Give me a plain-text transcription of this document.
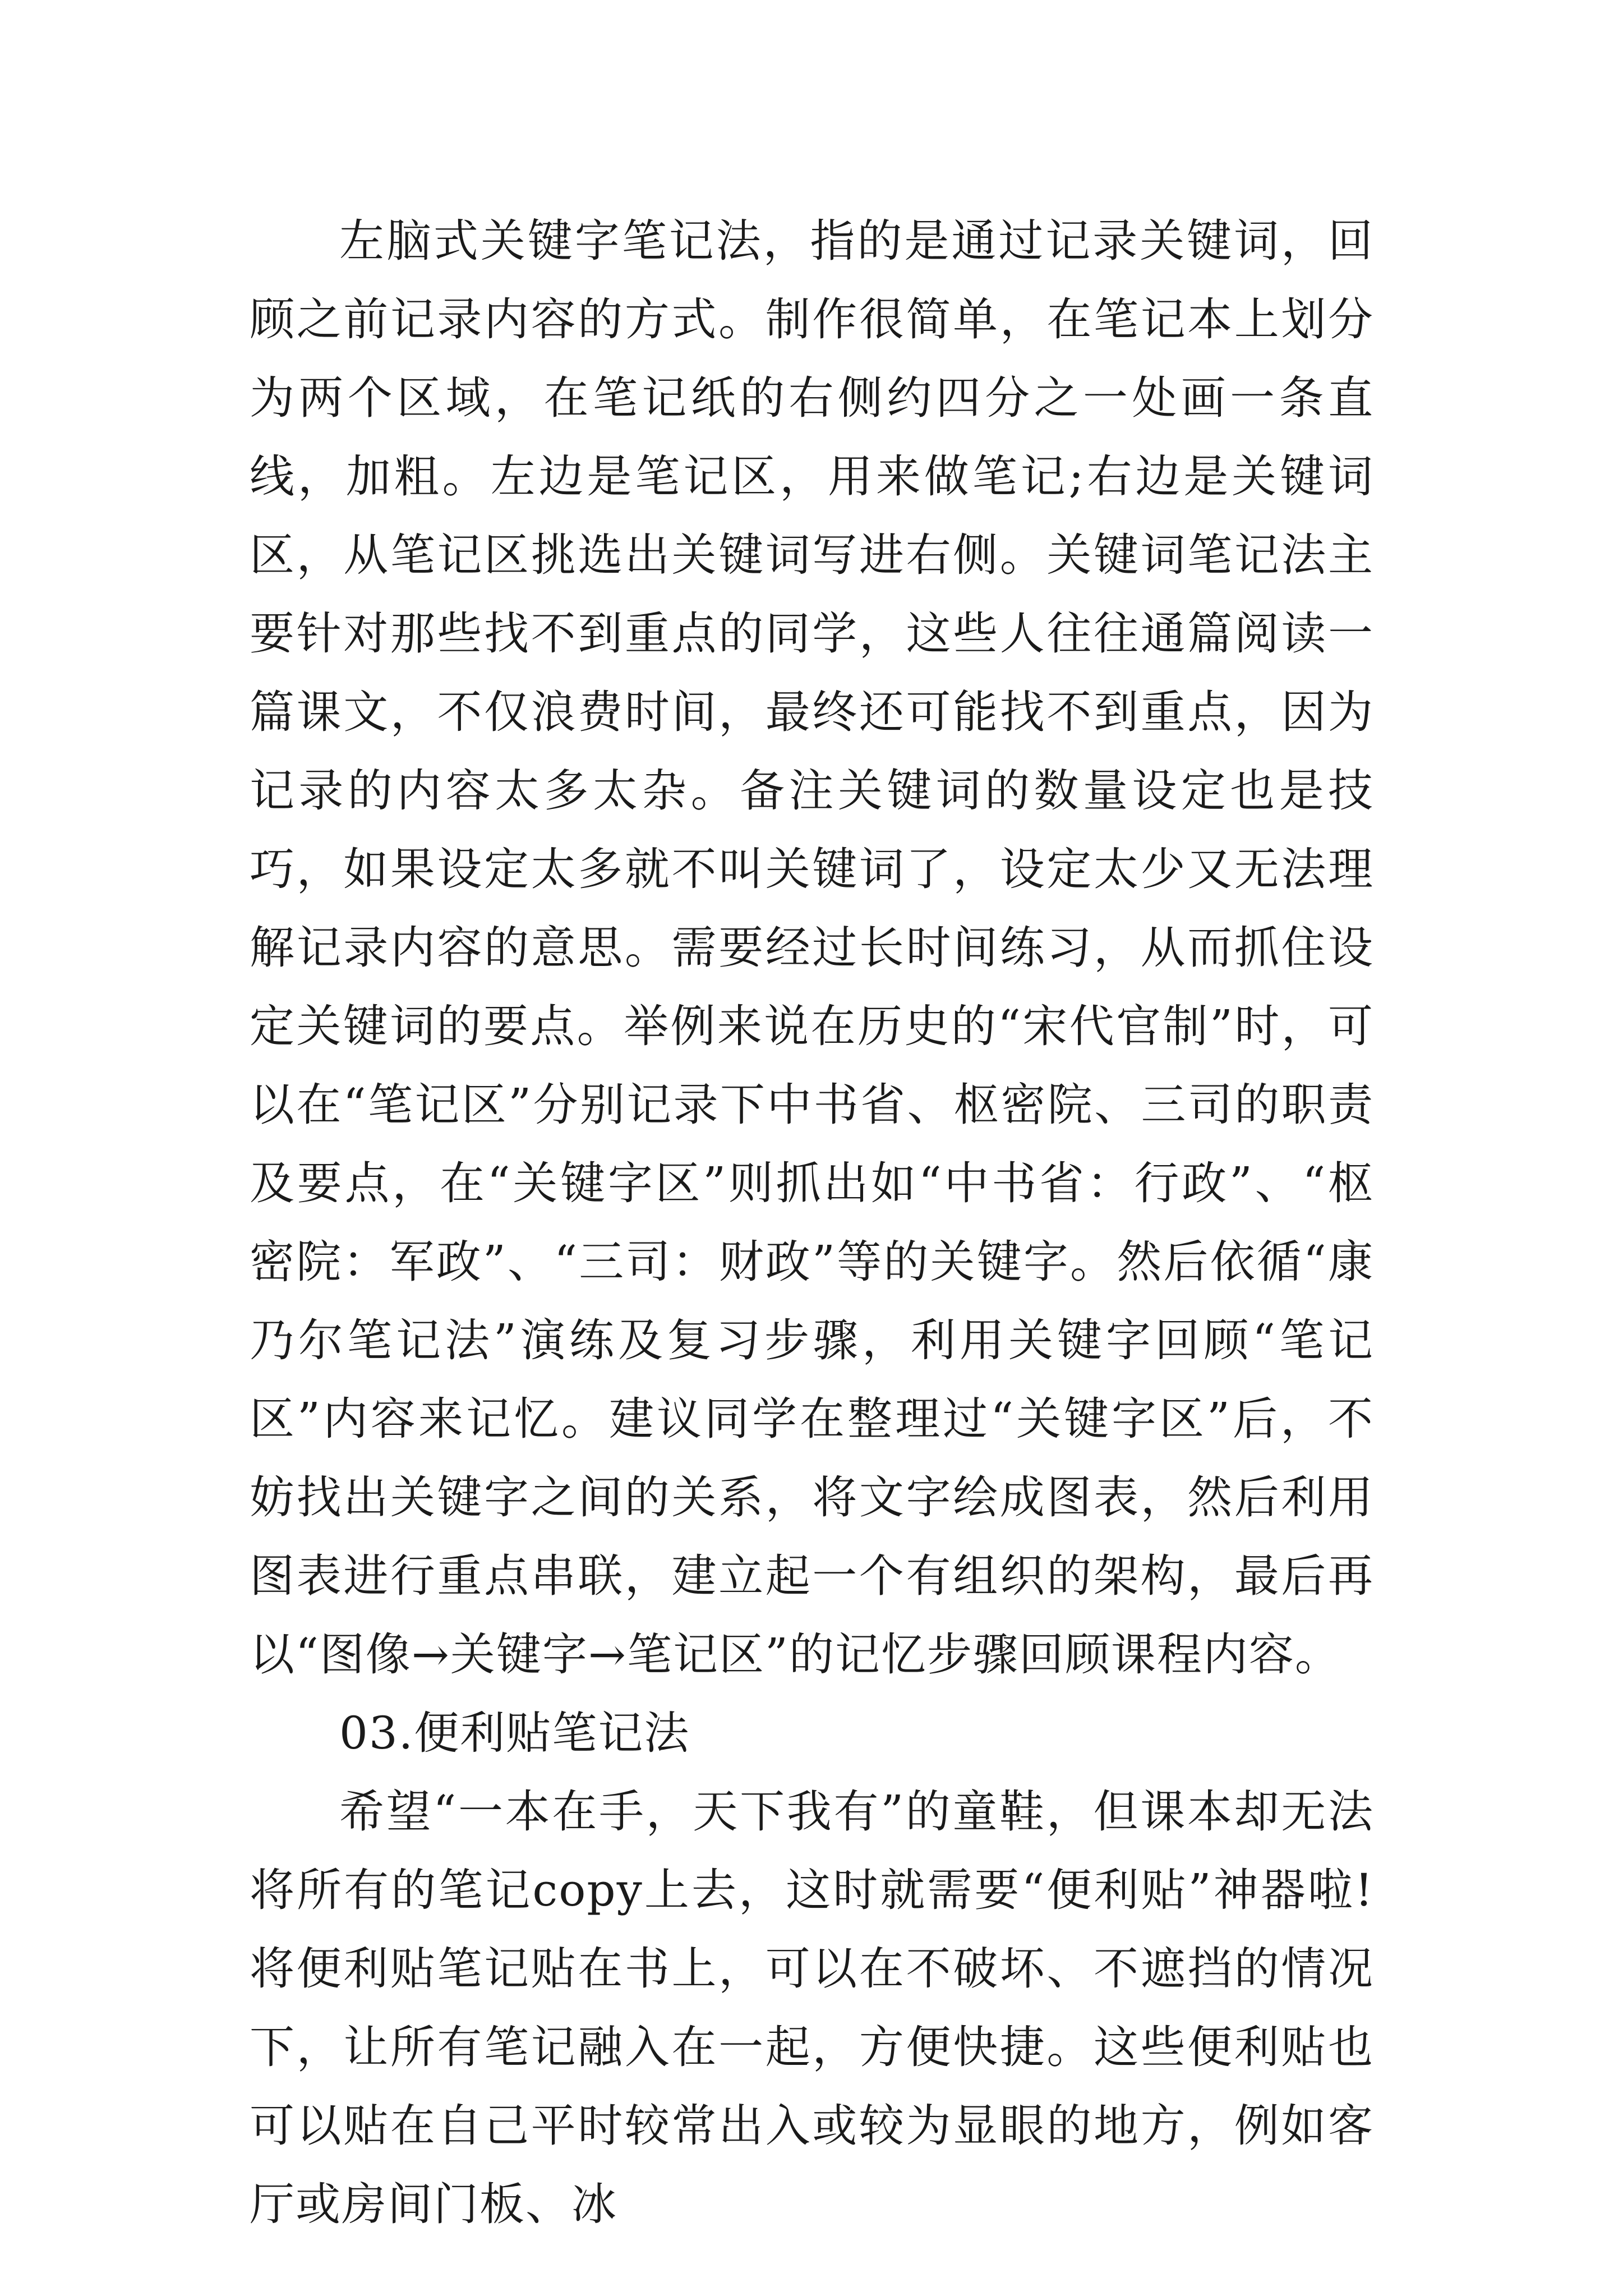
左脑式关键字笔记法，指的是通过记录关键词，回顾之前记录内容的方式。制作很简单，在笔记本上划分为两个区域，在笔记纸的右侧约四分之一处画一条直线，加粗。左边是笔记区，用来做笔记;右边是关键词区，从笔记区挑选出关键词写进右侧。关键词笔记法主要针对那些找不到重点的同学，这些人往往通篇阅读一篇课文，不仅浪费时间，最终还可能找不到重点，因为记录的内容太多太杂。备注关键词的数量设定也是技巧，如果设定太多就不叫关键词了，设定太少又无法理解记录内容的意思。需要经过长时间练习，从而抓住设定关键词的要点。举例来说在历史的“宋代官制”时，可以在“笔记区”分别记录下中书省、枢密院、三司的职责及要点，在“关键字区”则抓出如“中书省：行政”、“枢密院：军政”、“三司：财政”等的关键字。然后依循“康乃尔笔记法”演练及复习步骤，利用关键字回顾“笔记区”内容来记忆。建议同学在整理过“关键字区”后，不妨找出关键字之间的关系，将文字绘成图表，然后利用图表进行重点串联，建立起一个有组织的架构，最后再以“图像→关键字→笔记区”的记忆步骤回顾课程内容。

03.便利贴笔记法

希望“一本在手，天下我有”的童鞋，但课本却无法将所有的笔记copy上去，这时就需要“便利贴”神器啦!将便利贴笔记贴在书上，可以在不破坏、不遮挡的情况下，让所有笔记融入在一起，方便快捷。这些便利贴也可以贴在自己平时较常出入或较为显眼的地方，例如客厅或房间门板、冰
